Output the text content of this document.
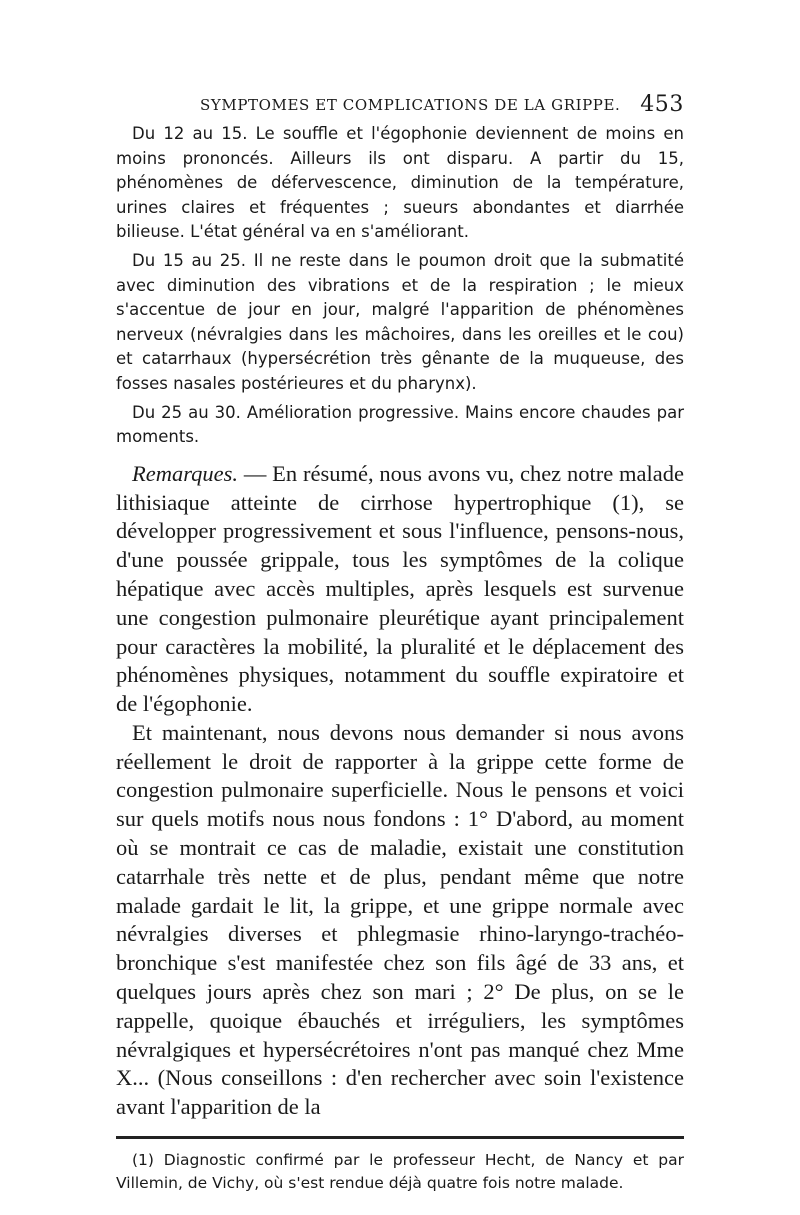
SYMPTOMES ET COMPLICATIONS DE LA GRIPPE. 453

Du 12 au 15. Le souffle et l'égophonie deviennent de moins en moins prononcés. Ailleurs ils ont disparu. A partir du 15, phénomènes de défervescence, diminution de la température, urines claires et fréquentes ; sueurs abondantes et diarrhée bilieuse. L'état général va en s'améliorant.

Du 15 au 25. Il ne reste dans le poumon droit que la submatité avec diminution des vibrations et de la respiration ; le mieux s'accentue de jour en jour, malgré l'apparition de phénomènes nerveux (névralgies dans les mâchoires, dans les oreilles et le cou) et catarrhaux (hypersécrétion très gênante de la muqueuse, des fosses nasales postérieures et du pharynx).

Du 25 au 30. Amélioration progressive. Mains encore chaudes par moments.

Remarques. — En résumé, nous avons vu, chez notre malade lithisiaque atteinte de cirrhose hypertrophique (1), se développer progressivement et sous l'influence, pensons-nous, d'une poussée grippale, tous les symptômes de la colique hépatique avec accès multiples, après lesquels est survenue une congestion pulmonaire pleurétique ayant principalement pour caractères la mobilité, la pluralité et le déplacement des phénomènes physiques, notamment du souffle expiratoire et de l'égophonie.

Et maintenant, nous devons nous demander si nous avons réellement le droit de rapporter à la grippe cette forme de congestion pulmonaire superficielle. Nous le pensons et voici sur quels motifs nous nous fondons : 1° D'abord, au moment où se montrait ce cas de maladie, existait une constitution catarrhale très nette et de plus, pendant même que notre malade gardait le lit, la grippe, et une grippe normale avec névralgies diverses et phlegmasie rhino-laryngo-trachéo-bronchique s'est manifestée chez son fils âgé de 33 ans, et quelques jours après chez son mari ; 2° De plus, on se le rappelle, quoique ébauchés et irréguliers, les symptômes névralgiques et hypersécrétoires n'ont pas manqué chez Mme X... (Nous conseillons : d'en rechercher avec soin l'existence avant l'apparition de la

(1) Diagnostic confirmé par le professeur Hecht, de Nancy et par Villemin, de Vichy, où s'est rendue déjà quatre fois notre malade.
